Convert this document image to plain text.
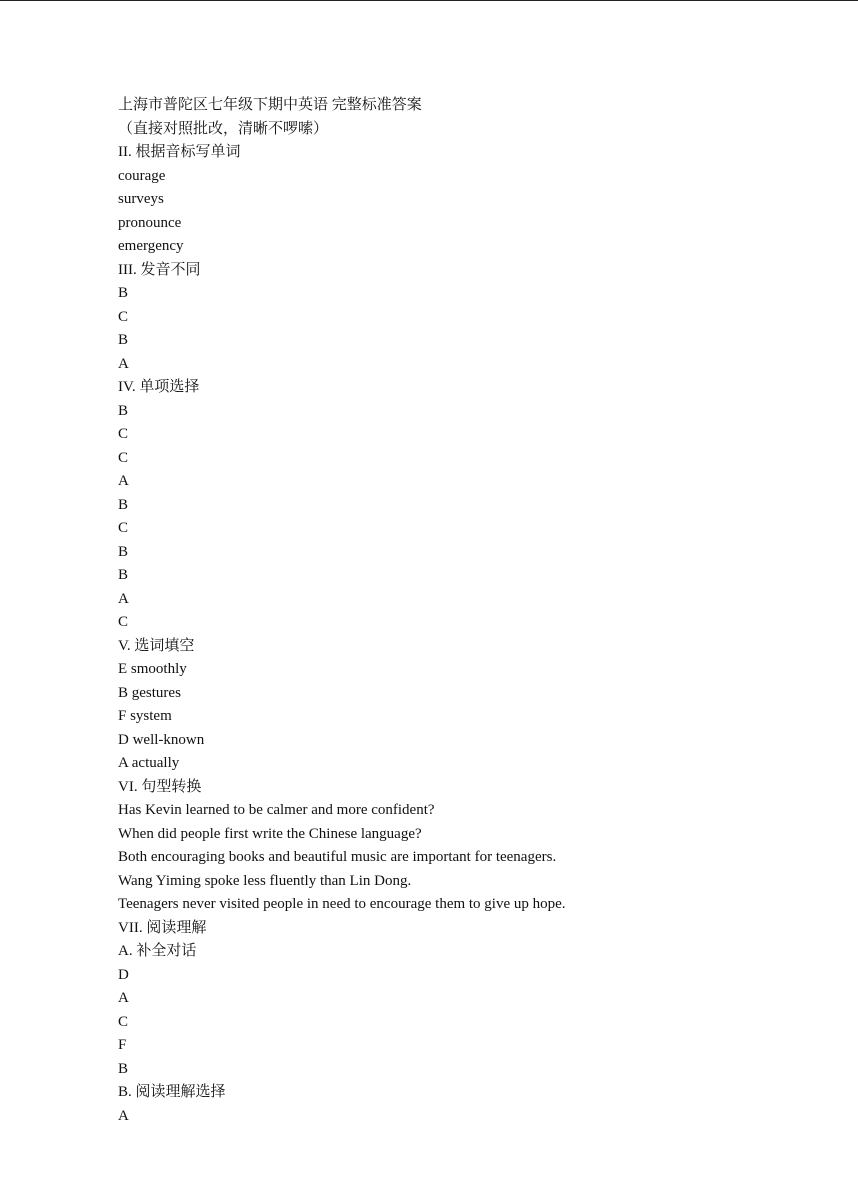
上海市普陀区七年级下期中英语 完整标准答案
（直接对照批改，清晰不啰嗦）
II. 根据音标写单词
courage
surveys
pronounce
emergency
III. 发音不同
B
C
B
A
IV. 单项选择
B
C
C
A
B
C
B
B
A
C
V. 选词填空
E smoothly
B gestures
F system
D well-known
A actually
VI. 句型转换
Has Kevin learned to be calmer and more confident?
When did people first write the Chinese language?
Both encouraging books and beautiful music are important for teenagers.
Wang Yiming spoke less fluently than Lin Dong.
Teenagers never visited people in need to encourage them to give up hope.
VII. 阅读理解
A. 补全对话
D
A
C
F
B
B. 阅读理解选择
A
